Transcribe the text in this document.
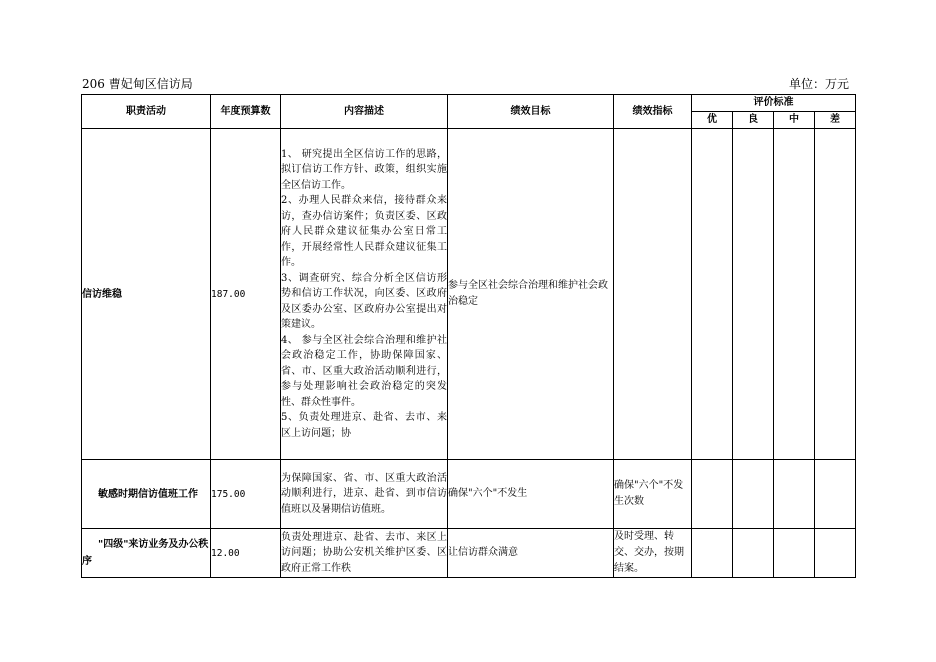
206 曹妃甸区信访局	单位：万元
职责活动	年度预算数	内容描述	绩效目标	绩效指标	评价标准			
					优	良	中	差
信访维稳	187.00	1、 研究提出全区信访工作的思路，拟订信访工作方针、政策，组织实施全区信访工作。
2、办理人民群众来信，接待群众来访，查办信访案件；负责区委、区政府人民群众建议征集办公室日常工作，开展经常性人民群众建议征集工作。
3、调查研究、综合分析全区信访形势和信访工作状况，向区委、区政府及区委办公室、区政府办公室提出对策建议。
4、 参与全区社会综合治理和维护社会政治稳定工作，协助保障国家、省、市、区重大政治活动顺利进行，参与处理影响社会政治稳定的突发性、群众性事件。
5、负责处理进京、赴省、去市、来区上访问题；协	参与全区社会综合治理和维护社会政治稳定					
敏感时期信访值班工作	175.00	为保障国家、省、市、区重大政治活动顺利进行，进京、赴省、到市信访值班以及暑期信访值班。	确保"六个"不发生	确保"六个"不发生次数				
"四级"来访业务及办公秩序	12.00	负责处理进京、赴省、去市、来区上访问题；协助公安机关维护区委、区政府正常工作秩	让信访群众满意	及时受理、转交、交办，按期结案。				
